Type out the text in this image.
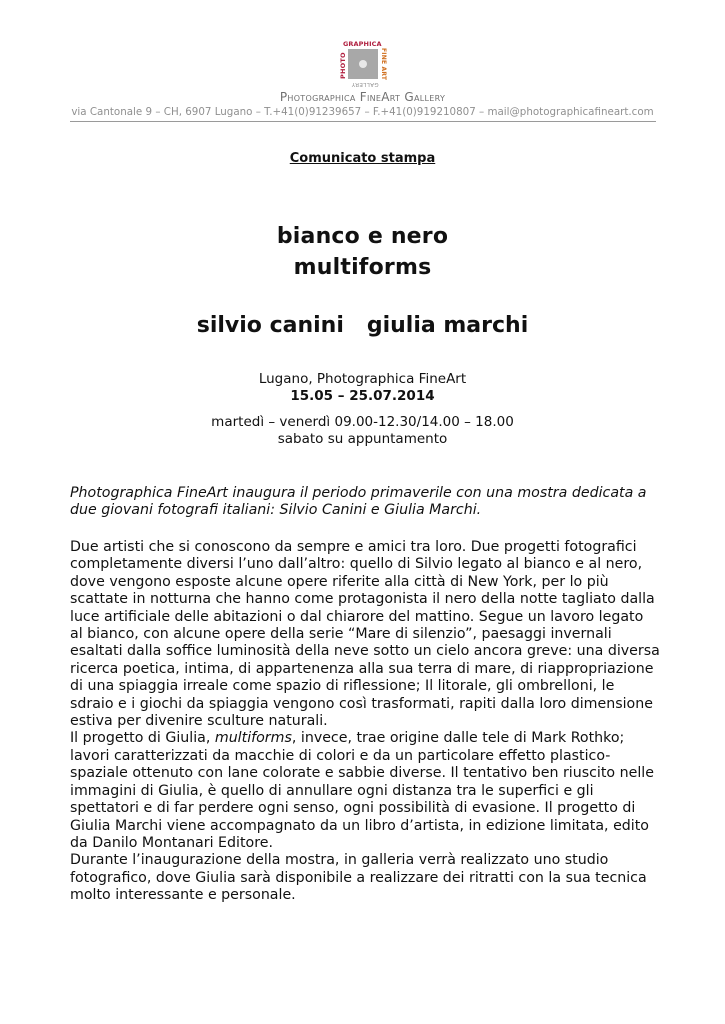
GRAPHICA
PHOTO	FINE ART
GALLERY
Photographica FineArt Gallery
via Cantonale 9 – CH, 6907 Lugano – T.+41(0)91239657 – F.+41(0)919210807 – mail@photographicafineart.com
Comunicato stampa
bianco e nero
multiforms
silvio canini   giulia marchi
Lugano, Photographica FineArt
15.05 – 25.07.2014
martedì – venerdì 09.00-12.30/14.00 – 18.00
sabato su appuntamento
Photographica FineArt inaugura il periodo primaverile con una mostra dedicata a due giovani fotografi italiani: Silvio Canini e Giulia Marchi.

Due artisti che si conoscono da sempre e amici tra loro. Due progetti fotografici completamente diversi l’uno dall’altro: quello di Silvio legato al bianco e al nero, dove vengono esposte alcune opere riferite alla città di New York, per lo più scattate in notturna che hanno come protagonista il nero della notte tagliato dalla luce artificiale delle abitazioni o dal chiarore del mattino. Segue un lavoro legato al bianco, con alcune opere della serie “Mare di silenzio”, paesaggi invernali esaltati dalla soffice luminosità della neve sotto un cielo ancora greve: una diversa ricerca poetica, intima, di appartenenza alla sua terra di mare, di riappropriazione di una spiaggia irreale come spazio di riflessione; Il litorale, gli ombrelloni, le sdraio e i giochi da spiaggia vengono così trasformati, rapiti dalla loro dimensione estiva per divenire sculture naturali.

Il progetto di Giulia, multiforms, invece, trae origine dalle tele di Mark Rothko; lavori caratterizzati da macchie di colori e da un particolare effetto plastico-spaziale ottenuto con lane colorate e sabbie diverse. Il tentativo ben riuscito nelle immagini di Giulia, è quello di annullare ogni distanza tra le superfici e gli spettatori e di far perdere ogni senso, ogni possibilità di evasione. Il progetto di Giulia Marchi viene accompagnato da un libro d’artista, in edizione limitata, edito da Danilo Montanari Editore.

Durante l’inaugurazione della mostra, in galleria verrà realizzato uno studio fotografico, dove Giulia sarà disponibile a realizzare dei ritratti con la sua tecnica molto interessante e personale.
